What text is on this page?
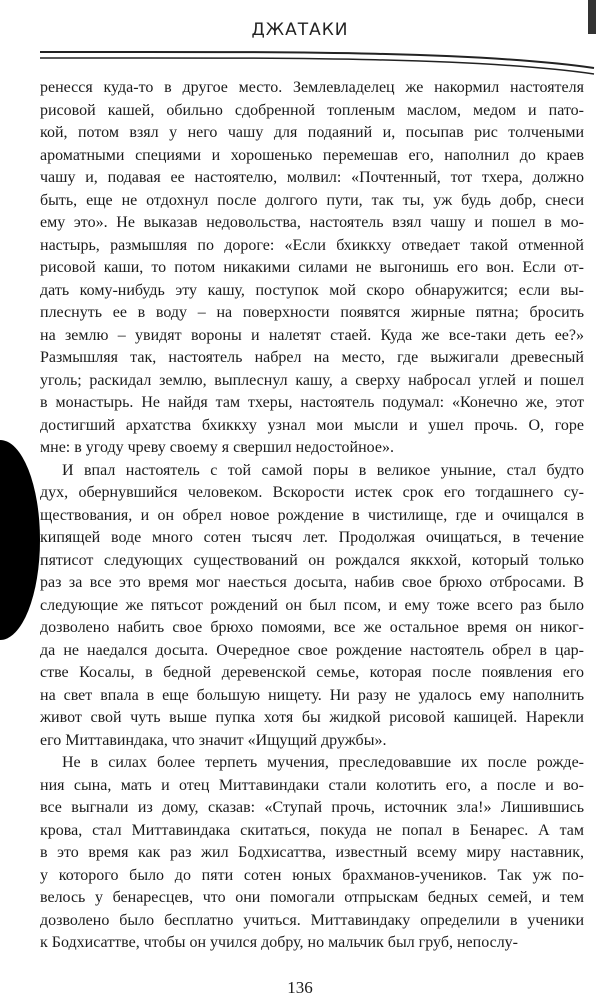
ДЖАТАКИ
ренесся куда-то в другое место. Землевладелец же накормил настоятеля
рисовой кашей, обильно сдобренной топленым маслом, медом и пато-
кой, потом взял у него чашу для подаяний и, посыпав рис толчеными
ароматными специями и хорошенько перемешав его, наполнил до краев
чашу и, подавая ее настоятелю, молвил: «Почтенный, тот тхера, должно
быть, еще не отдохнул после долгого пути, так ты, уж будь добр, снеси
ему это». Не выказав недовольства, настоятель взял чашу и пошел в мо-
настырь, размышляя по дороге: «Если бхиккху отведает такой отменной
рисовой каши, то потом никакими силами не выгонишь его вон. Если от-
дать кому-нибудь эту кашу, поступок мой скоро обнаружится; если вы-
плеснуть ее в воду – на поверхности появятся жирные пятна; бросить
на землю – увидят вороны и налетят стаей. Куда же все-таки деть ее?»
Размышляя так, настоятель набрел на место, где выжигали древесный
уголь; раскидал землю, выплеснул кашу, а сверху набросал углей и пошел
в монастырь. Не найдя там тхеры, настоятель подумал: «Конечно же, этот
достигший архатства бхиккху узнал мои мысли и ушел прочь. О, горе
мне: в угоду чреву своему я свершил недостойное».
И впал настоятель с той самой поры в великое уныние, стал будто
дух, обернувшийся человеком. Вскорости истек срок его тогдашнего су-
ществования, и он обрел новое рождение в чистилище, где и очищался в
кипящей воде много сотен тысяч лет. Продолжая очищаться, в течение
пятисот следующих существований он рождался яккхой, который только
раз за все это время мог наесться досыта, набив свое брюхо отбросами. В
следующие же пятьсот рождений он был псом, и ему тоже всего раз было
дозволено набить свое брюхо помоями, все же остальное время он никог-
да не наедался досыта. Очередное свое рождение настоятель обрел в цар-
стве Косалы, в бедной деревенской семье, которая после появления его
на свет впала в еще большую нищету. Ни разу не удалось ему наполнить
живот свой чуть выше пупка хотя бы жидкой рисовой кашицей. Нарекли
его Миттавиндака, что значит «Ищущий дружбы».
Не в силах более терпеть мучения, преследовавшие их после рожде-
ния сына, мать и отец Миттавиндаки стали колотить его, а после и во-
все выгнали из дому, сказав: «Ступай прочь, источник зла!» Лишившись
крова, стал Миттавиндака скитаться, покуда не попал в Бенарес. А там
в это время как раз жил Бодхисаттва, известный всему миру наставник,
у которого было до пяти сотен юных брахманов-учеников. Так уж по-
велось у бенаресцев, что они помогали отпрыскам бедных семей, и тем
дозволено было бесплатно учиться. Миттавиндаку определили в ученики
к Бодхисаттве, чтобы он учился добру, но мальчик был груб, непослу-
136
